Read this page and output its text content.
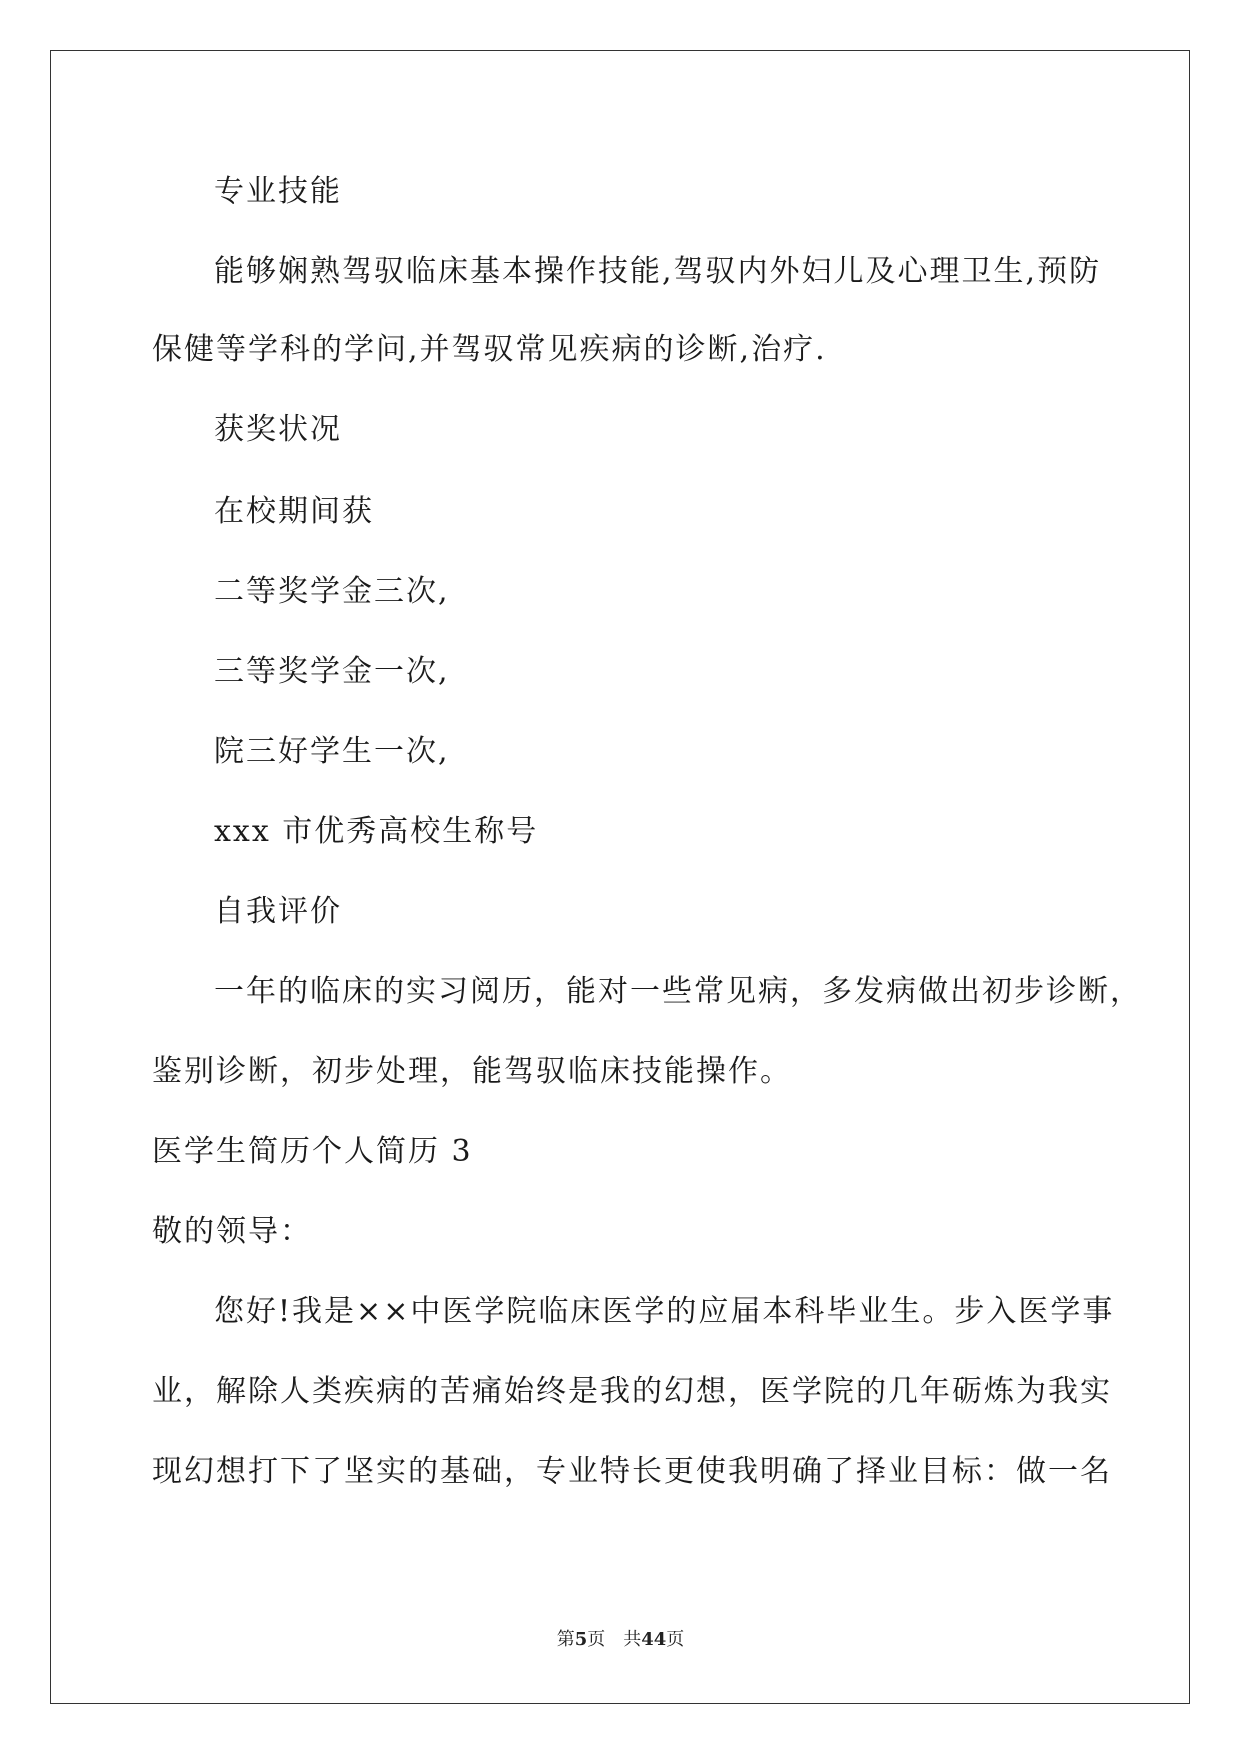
专业技能
能够娴熟驾驭临床基本操作技能,驾驭内外妇儿及心理卫生,预防
保健等学科的学问,并驾驭常见疾病的诊断,治疗.
获奖状况
在校期间获
二等奖学金三次,
三等奖学金一次,
院三好学生一次,
xxx 市优秀高校生称号
自我评价
一年的临床的实习阅历，能对一些常见病，多发病做出初步诊断，
鉴别诊断，初步处理，能驾驭临床技能操作。
医学生简历个人简历 3
敬的领导：
您好!我是××中医学院临床医学的应届本科毕业生。步入医学事
业，解除人类疾病的苦痛始终是我的幻想，医学院的几年砺炼为我实
现幻想打下了坚实的基础，专业特长更使我明确了择业目标：做一名
第5页 共44页
